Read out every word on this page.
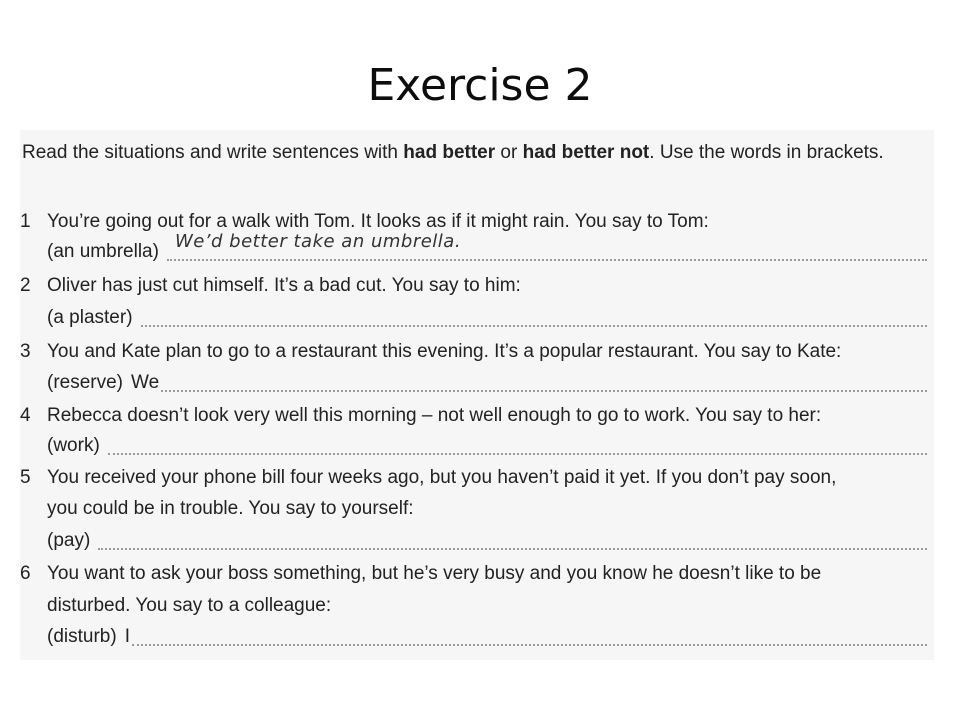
Exercise 2
Read the situations and write sentences with had better or had better not. Use the words in brackets.
1 You’re going out for a walk with Tom. It looks as if it might rain. You say to Tom:
(an umbrella) We’d better take an umbrella.
2 Oliver has just cut himself. It’s a bad cut. You say to him:
(a plaster)
3 You and Kate plan to go to a restaurant this evening. It’s a popular restaurant. You say to Kate:
(reserve) We
4 Rebecca doesn’t look very well this morning – not well enough to go to work. You say to her:
(work)
5 You received your phone bill four weeks ago, but you haven’t paid it yet. If you don’t pay soon,
you could be in trouble. You say to yourself:
(pay)
6 You want to ask your boss something, but he’s very busy and you know he doesn’t like to be
disturbed. You say to a colleague:
(disturb) I
